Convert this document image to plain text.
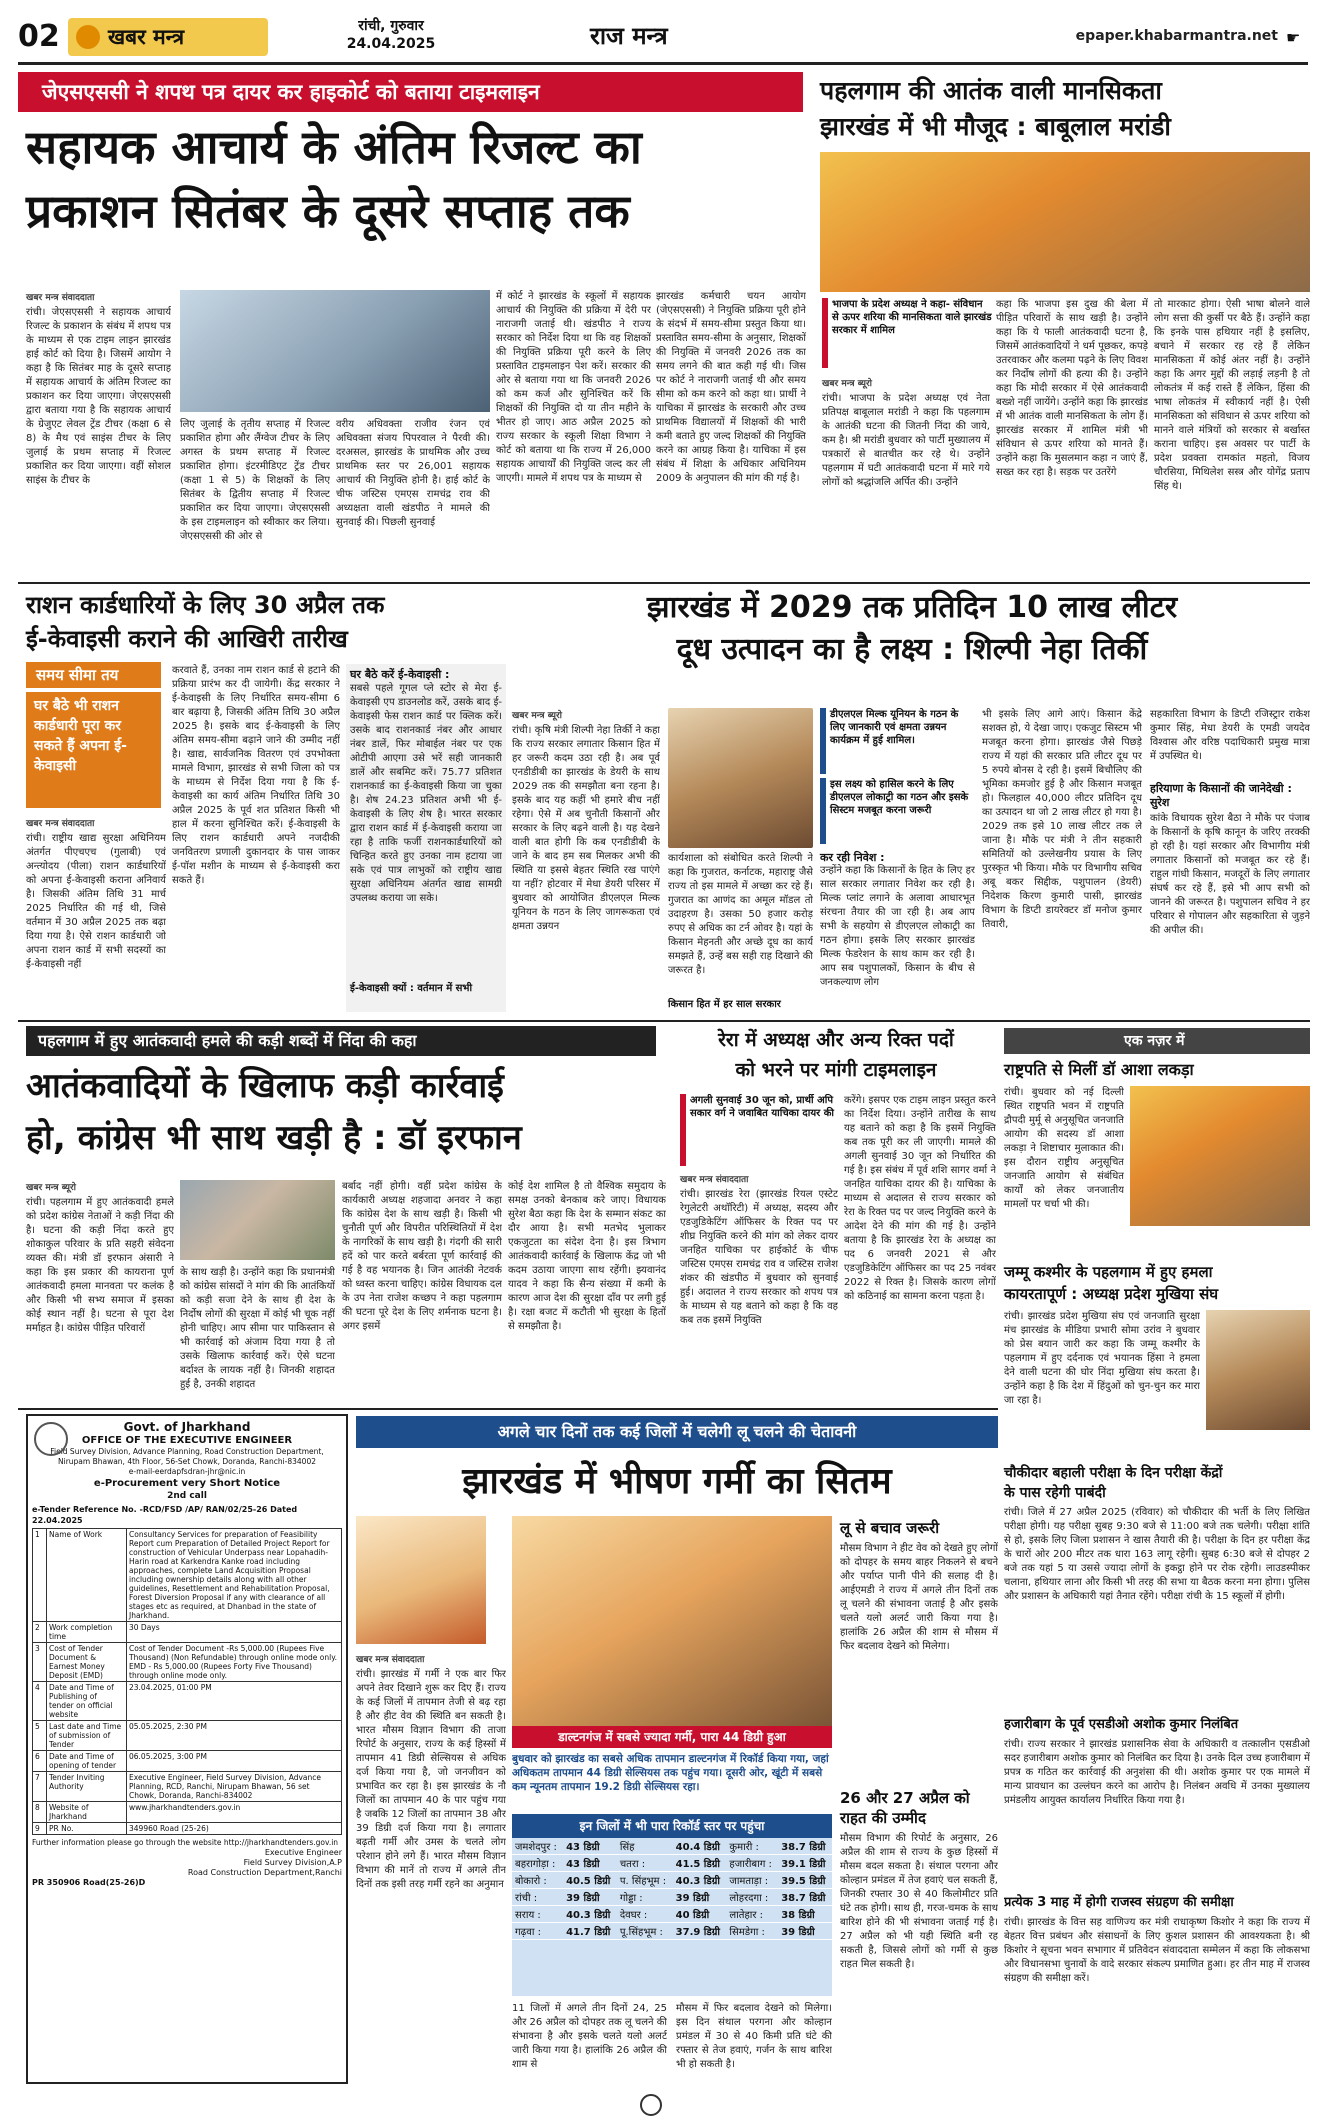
02 खबर मन्त्र	रांची, गुरुवार
24.04.2025	राज मन्त्र	epaper.khabarmantra.net ☛
जेएसएससी ने शपथ पत्र दायर कर हाइकोर्ट को बताया टाइमलाइन
सहायक आचार्य के अंतिम रिजल्ट का
प्रकाशन सितंबर के दूसरे सप्ताह तक
खबर मन्त्र संवाददाता
रांची। जेएसएससी ने सहायक आचार्य रिजल्ट के प्रकाशन के संबंध में शपथ पत्र के माध्यम से एक टाइम लाइन झारखंड हाई कोर्ट को दिया है। जिसमें आयोग ने कहा है कि सितंबर माह के दूसरे सप्ताह में सहायक आचार्य के अंतिम रिजल्ट का प्रकाशन कर दिया जाएगा। जेएसएससी द्वारा बताया गया है कि सहायक आचार्य के ग्रेजुएट लेवल ट्रेंड टीचर (कक्षा 6 से 8) के मैथ एवं साइंस टीचर के लिए जुलाई के प्रथम सप्ताह में रिजल्ट प्रकाशित कर दिया जाएगा। वहीं सोशल साइंस के टीचर के
लिए जुलाई के तृतीय सप्ताह में रिजल्ट प्रकाशित होगा और लैंग्वेज टीचर के लिए अगस्त के प्रथम सप्ताह में रिजल्ट प्रकाशित होगा। इंटरमीडिएट ट्रेंड टीचर (कक्षा 1 से 5) के शिक्षकों के लिए सितंबर के द्वितीय सप्ताह में रिजल्ट प्रकाशित कर दिया जाएगा। जेएसएससी के इस टाइमलाइन को स्वीकार कर लिया। जेएसएससी की ओर से
वरीय अधिवक्ता राजीव रंजन एवं अधिवक्ता संजय पिपरवाल ने पैरवी की। दरअसल, झारखंड के प्राथमिक और उच्च प्राथमिक स्तर पर 26,001 सहायक आचार्य की नियुक्ति होनी है। हाई कोर्ट के चीफ जस्टिस एमएस रामचंद्र राव की अध्यक्षता वाली खंडपीठ ने मामले की सुनवाई की। पिछली सुनवाई
में कोर्ट ने झारखंड के स्कूलों में सहायक आचार्य की नियुक्ति की प्रक्रिया में देरी पर नाराजगी जताई थी। खंडपीठ ने राज्य सरकार को निर्देश दिया था कि वह शिक्षकों की नियुक्ति प्रक्रिया पूरी करने के लिए प्रस्तावित टाइमलाइन पेश करें। सरकार की ओर से बताया गया था कि जनवरी 2026 को कम कर्ज और सुनिश्चित करें कि शिक्षकों की नियुक्ति दो या तीन महीने के भीतर हो जाए। आठ अप्रैल 2025 को राज्य सरकार के स्कूली शिक्षा विभाग ने कोर्ट को बताया था कि राज्य में 26,000 सहायक आचार्यों की नियुक्ति जल्द कर ली जाएगी। मामले में शपथ पत्र के माध्यम से
झारखंड कर्मचारी चयन आयोग (जेएसएससी) ने नियुक्ति प्रक्रिया पूरी होने के संदर्भ में समय-सीमा प्रस्तुत किया था। प्रस्तावित समय-सीमा के अनुसार, शिक्षकों की नियुक्ति में जनवरी 2026 तक का समय लगने की बात कही गई थी। जिस पर कोर्ट ने नाराजगी जताई थी और समय सीमा को कम करने को कहा था। प्रार्थी ने याचिका में झारखंड के सरकारी और उच्च प्राथमिक विद्यालयों में शिक्षकों की भारी कमी बताते हुए जल्द शिक्षकों की नियुक्ति करने का आग्रह किया है। याचिका में इस संबंध में शिक्षा के अधिकार अधिनियम 2009 के अनुपालन की मांग की गई है।
पहलगाम की आतंक वाली मानसिकता
झारखंड में भी मौजूद : बाबूलाल मरांडी
भाजपा के प्रदेश अध्यक्ष ने कहा- संविधान से ऊपर शरिया की मानसिकता वाले झारखंड सरकार में शामिल
खबर मन्त्र ब्यूरो
रांची। भाजपा के प्रदेश अध्यक्ष एवं नेता प्रतिपक्ष बाबूलाल मरांडी ने कहा कि पहलगाम के आतंकी घटना की जितनी निंदा की जाये, कम है। श्री मरांडी बुधवार को पार्टी मुख्यालय में पत्रकारों से बातचीत कर रहे थे। उन्होंने पहलगाम में घटी आतंकवादी घटना में मारे गये लोगों को श्रद्धांजलि अर्पित की। उन्होंने
कहा कि भाजपा इस दुख की बेला में पीड़ित परिवारों के साथ खड़ी है। उन्होंने कहा कि ये फाली आतंकवादी घटना है, जिसमें आतंकवादियों ने धर्म पूछकर, कपड़े उतरवाकर और कलमा पढ़ने के लिए विवश कर निर्दोष लोगों की हत्या की है। उन्होंने कहा कि मोदी सरकार में ऐसे आतंकवादी बख्शे नहीं जायेंगे। उन्होंने कहा कि झारखंड में भी आतंक वाली मानसिकता के लोग हैं। झारखंड सरकार में शामिल मंत्री भी संविधान से ऊपर शरिया को मानते हैं। उन्होंने कहा कि मुसलमान कहा न जाएं हैं, सख्त कर रहा है। सड़क पर उतरेंगे
तो मारकाट होगा। ऐसी भाषा बोलने वाले लोग सत्ता की कुर्सी पर बैठे हैं। उन्होंने कहा कि इनके पास हथियार नहीं है इसलिए, बचाने में सरकार रह रहे हैं लेकिन मानसिकता में कोई अंतर नहीं है। उन्होंने कहा कि अगर मुद्दों की लड़ाई लड़नी है तो लोकतंत्र में कई रास्ते हैं लेकिन, हिंसा की भाषा लोकतंत्र में स्वीकार्य नहीं है। ऐसी मानसिकता को संविधान से ऊपर शरिया को मानने वाले मंत्रियों को सरकार से बर्खास्त कराना चाहिए। इस अवसर पर पार्टी के प्रदेश प्रवक्ता रामकांत महतो, विजय चौरसिया, मिथिलेश सस्त्र और योगेंद्र प्रताप सिंह थे।
राशन कार्डधारियों के लिए 30 अप्रैल तक
ई-केवाइसी कराने की आखिरी तारीख
समय सीमा तय
घर बैठे भी राशन कार्डधारी पूरा कर सकते हैं अपना ई-केवाइसी
खबर मन्त्र संवाददाता
रांची। राष्ट्रीय खाद्य सुरक्षा अधिनियम अंतर्गत पीएचएच (गुलाबी) एवं अन्त्योदय (पीला) राशन कार्डधारियों को अपना ई-केवाइसी कराना अनिवार्य है। जिसकी अंतिम तिथि 31 मार्च 2025 निर्धारित की गई थी, जिसे वर्तमान में 30 अप्रैल 2025 तक बढ़ा दिया गया है। ऐसे राशन कार्डधारी जो अपना राशन कार्ड में सभी सदस्यों का ई-केवाइसी नहीं
करवाते हैं, उनका नाम राशन कार्ड से हटाने की प्रक्रिया प्रारंभ कर दी जायेगी। केंद्र सरकार ने ई-केवाइसी के लिए निर्धारित समय-सीमा 6 बार बढ़ाया है, जिसकी अंतिम तिथि 30 अप्रैल 2025 है। इसके बाद ई-केवाइसी के लिए अंतिम समय-सीमा बढ़ाने जाने की उम्मीद नहीं है। खाद्य, सार्वजनिक वितरण एवं उपभोक्ता मामले विभाग, झारखंड से सभी जिला को पत्र के माध्यम से निर्देश दिया गया है कि ई-केवाइसी का कार्य अंतिम निर्धारित तिथि 30 अप्रैल 2025 के पूर्व शत प्रतिशत किसी भी हाल में करना सुनिश्चित करें। ई-केवाइसी के लिए राशन कार्डधारी अपने नजदीकी जनवितरण प्रणाली दुकानदार के पास जाकर ई-पॉश मशीन के माध्यम से ई-केवाइसी करा सकते हैं।
घर बैठे करें ई-केवाइसी :
सबसे पहले गूगल प्ले स्टोर से मेरा ई-केवाइसी एप डाउनलोड करें, उसके बाद ई-केवाइसी फेस राशन कार्ड पर क्लिक करें। उसके बाद राशनकार्ड नंबर और आधार नंबर डालें, फिर मोबाईल नंबर पर एक ओटीपी आएगा उसे भरें सही जानकारी डालें और सबमिट करें। 75.77 प्रतिशत राशनकार्ड का ई-केवाइसी किया जा चुका है। शेष 24.23 प्रतिशत अभी भी ई-केवाइसी के लिए शेष है। भारत सरकार द्वारा राशन कार्ड में ई-केवाइसी कराया जा रहा है ताकि फर्जी राशनकार्डधारियों को चिन्हित करते हुए उनका नाम हटाया जा सके एवं पात्र लाभुकों को राष्ट्रीय खाद्य सुरक्षा अधिनियम अंतर्गत खाद्य सामग्री उपलब्ध कराया जा सके।
ई-केवाइसी क्यों : वर्तमान में सभी
झारखंड में 2029 तक प्रतिदिन 10 लाख लीटर
दूध उत्पादन का है लक्ष्य : शिल्पी नेहा तिर्की
खबर मन्त्र ब्यूरो
रांची। कृषि मंत्री शिल्पी नेहा तिर्की ने कहा कि राज्य सरकार लगातार किसान हित में हर जरूरी कदम उठा रही है। अब पूर्व एनडीडीबी का झारखंड के डेयरी के साथ 2029 तक की समझौता बना रहना है। इसके बाद यह कहीं भी हमारे बीच नहीं रहेगा। ऐसे में अब चुनौती किसानों और सरकार के लिए बढ़ने वाली है। यह देखने वाली बात होगी कि कब एनडीडीबी के जाने के बाद हम सब मिलकर अभी की स्थिति या इससे बेहतर स्थिति रख पाएंगे या नहीं? होटवार में मेधा डेयरी परिसर में बुधवार को आयोजित डीएलएल मिल्क यूनियन के गठन के लिए जागरूकता एवं क्षमता उन्नयन
कार्यशाला को संबोधित करते शिल्पी ने कहा कि गुजरात, कर्नाटक, महाराष्ट्र जैसे राज्य तो इस मामले में अच्छा कर रहे हैं। गुजरात का आणंद का अमूल मॉडल तो उदाहरण है। उसका 50 हजार करोड़ रुपए से अधिक का टर्न ओवर है। यहां के किसान मेहनती और अच्छे दूध का कार्य समझते हैं, उन्हें बस सही राह दिखाने की जरूरत है।
किसान हित में हर साल सरकार
डीएलएल मिल्क यूनियन के गठन के लिए जानकारी एवं क्षमता उन्नयन कार्यक्रम में हुई शामिल।
इस लक्ष्य को हासिल करने के लिए डीएलएल लोकाट्री का गठन और इसके सिस्टम मजबूत करना जरूरी
कर रही निवेश :
उन्होंने कहा कि किसानों के हित के लिए हर साल सरकार लगातार निवेश कर रही है। मिल्क प्लांट लगाने के अलावा आधारभूत संरचना तैयार की जा रही है। अब आप सभी के सहयोग से डीएलएल लोकाट्री का गठन होगा। इसके लिए सरकार झारखंड मिल्क फेडरेशन के साथ काम कर रही है। आप सब पशुपालकों, किसान के बीच से जनकल्याण लोग
भी इसके लिए आगे आएं। किसान केंद्रे सशक्त हो, ये देखा जाए। एकजुट सिस्टम भी मजबूत करना होगा। झारखंड जैसे पिछड़े राज्य में यहां की सरकार प्रति लीटर दूध पर 5 रुपये बोनस दे रही है। इसमें बिचौलिए की भूमिका कमजोर हुई है और किसान मजबूत हो। फिलहाल 40,000 लीटर प्रतिदिन दूध का उत्पादन था जो 2 लाख लीटर हो गया है। 2029 तक इसे 10 लाख लीटर तक ले जाना है। मौके पर मंत्री ने तीन सहकारी समितियों को उल्लेखनीय प्रयास के लिए पुरस्कृत भी किया। मौके पर विभागीय सचिव अबू बकर सिद्दीक, पशुपालन (डेयरी) निदेशक किरण कुमारी पासी, झारखंड विभाग के डिप्टी डायरेक्टर डॉ मनोज कुमार तिवारी,
सहकारिता विभाग के डिप्टी रजिस्ट्रार राकेश कुमार सिंह, मेधा डेयरी के एमडी जयदेव विश्वास और वरिष्ठ पदाधिकारी प्रमुख मात्रा में उपस्थित थे।
हरियाणा के किसानों की जानेदेखी : सुरेश
कांके विधायक सुरेश बैठा ने मौके पर पंजाब के किसानों के कृषि कानून के जरिए तरक्की हो रही है। यहां सरकार और विभागीय मंत्री लगातार किसानों को मजबूत कर रहे हैं। राहुल गांधी किसान, मजदूरों के लिए लगातार संघर्ष कर रहे हैं, इसे भी आप सभी को जानने की जरूरत है। पशुपालन सचिव ने हर परिवार से गोपालन और सहकारिता से जुड़ने की अपील की।
पहलगाम में हुए आतंकवादी हमले की कड़ी शब्दों में निंदा की कहा
आतंकवादियों के खिलाफ कड़ी कार्रवाई
हो, कांग्रेस भी साथ खड़ी है : डॉ इरफान
खबर मन्त्र ब्यूरो
रांची। पहलगाम में हुए आतंकवादी हमले को प्रदेश कांग्रेस नेताओं ने कड़ी निंदा की है। घटना की कड़ी निंदा करते हुए शोकाकुल परिवार के प्रति सहरी संवेदना व्यक्त की। मंत्री डॉ इरफान अंसारी ने कहा कि इस प्रकार की कायराना पूर्ण आतंकवादी हमला मानवता पर कलंक है और किसी भी सभ्य समाज में इसका कोई स्थान नहीं है। घटना से पूरा देश मर्माहत है। कांग्रेस पीड़ित परिवारों
के साथ खड़ी है। उन्होंने कहा कि प्रधानमंत्री को कांग्रेस सांसदों ने मांग की कि आतंकियों को कड़ी सजा देने के साथ ही देश के निर्दोष लोगों की सुरक्षा में कोई भी चूक नहीं होनी चाहिए। आप सीमा पार पाकिस्तान से भी कार्रवाई को अंजाम दिया गया है तो उसके खिलाफ कार्रवाई करें। ऐसे घटना बर्दाश्त के लायक नहीं है। जिनकी शहादत हुई है, उनकी शहादत
बर्बाद नहीं होगी। वहीं प्रदेश कांग्रेस के कार्यकारी अध्यक्ष शहजादा अनवर ने कहा कि कांग्रेस देश के साथ खड़ी है। किसी भी चुनौती पूर्ण और विपरीत परिस्थितियों में देश के नागरिकों के साथ खड़ी है। गंदगी की सारी हदें को पार करते बर्बरता पूर्ण कार्रवाई की गई है वह भयानक है। जिन आतंकी नेटवर्क को ध्वस्त करना चाहिए। कांग्रेस विधायक दल के उप नेता राजेश कच्छप ने कहा पहलगाम की घटना पूरे देश के लिए शर्मनाक घटना है। अगर इसमें
कोई देश शामिल है तो वैश्विक समुदाय के समक्ष उनको बेनकाब करे जाए। विधायक सुरेश बैठा कहा कि देश के सम्मान संकट का दौर आया है। सभी मतभेद भुलाकर एकजुटता का संदेश देना है। इस त्रिभाग आतंकवादी कार्रवाई के खिलाफ केंद्र जो भी कदम उठाया जाएगा साथ रहेंगी। झ्यवानंद यादव ने कहा कि सैन्य संख्या में कमी के कारण आज देश की सुरक्षा दाँव पर लगी हुई है। रक्षा बजट में कटौती भी सुरक्षा के हितों से समझौता है।
रेरा में अध्यक्ष और अन्य रिक्त पदों
को भरने पर मांगी टाइमलाइन
अगली सुनवाई 30 जून को, प्रार्थी अपि सकार वर्ग ने जवाबित याचिका दायर की
खबर मन्त्र संवाददाता
रांची। झारखंड रेरा (झारखंड रियल एस्टेट रेगुलेटरी अथॉरिटी) में अध्यक्ष, सदस्य और एडजुडिकेटिंग ऑफिसर के रिक्त पद पर शीघ्र नियुक्ति करने की मांग को लेकर दायर जनहित याचिका पर हाईकोर्ट के चीफ जस्टिस एमएस रामचंद्र राव व जस्टिस राजेश शंकर की खंडपीठ में बुधवार को सुनवाई हुई। अदालत ने राज्य सरकार को शपथ पत्र के माध्यम से यह बताने को कहा है कि वह कब तक इसमें नियुक्ति
करेंगे। इसपर एक टाइम लाइन प्रस्तुत करने का निर्देश दिया। उन्होंने तारीख के साथ यह बताने को कहा है कि इसमें नियुक्ति कब तक पूरी कर ली जाएगी। मामले की अगली सुनवाई 30 जून को निर्धारित की गई है। इस संबंध में पूर्व शशि सागर वर्मा ने जनहित याचिका दायर की है। याचिका के माध्यम से अदालत से राज्य सरकार को रेरा के रिक्त पद पर जल्द नियुक्ति करने के आदेश देने की मांग की गई है। उन्होंने बताया है कि झारखंड रेरा के अध्यक्ष का पद 6 जनवरी 2021 से और एडजुडिकेटिंग ऑफिसर का पद 25 नवंबर 2022 से रिक्त है। जिसके कारण लोगों को कठिनाई का सामना करना पड़ता है।
एक नज़र में
राष्ट्रपति से मिलीं डॉ आशा लकड़ा
रांची। बुधवार को नई दिल्ली स्थित राष्ट्रपति भवन में राष्ट्रपति द्रौपदी मुर्मू से अनुसूचित जनजाति आयोग की सदस्य डॉ आशा लकड़ा ने शिष्टाचार मुलाकात की। इस दौरान राष्ट्रीय अनुसूचित जनजाति आयोग से संबंधित कार्यों को लेकर जनजातीय मामलों पर चर्चा भी की।
जम्मू कश्मीर के पहलगाम में हुए हमला
कायरतापूर्ण : अध्यक्ष प्रदेश मुखिया संघ
रांची। झारखंड प्रदेश मुखिया संघ एवं जनजाति सुरक्षा मंच झारखंड के मीडिया प्रभारी सोमा उरांव ने बुधवार को प्रेस बयान जारी कर कहा कि जम्मू कश्मीर के पहलगाम में हुए दर्दनाक एवं भयानक हिंसा ने हमला देने वाली घटना की घोर निंदा मुखिया संघ करता है। उन्होंने कहा है कि देश में हिंदुओं को चुन-चुन कर मारा जा रहा है।
चौकीदार बहाली परीक्षा के दिन परीक्षा केंद्रों
के पास रहेगी पाबंदी
रांची। जिले में 27 अप्रैल 2025 (रविवार) को चौकीदार की भर्ती के लिए लिखित परीक्षा होगी। यह परीक्षा सुबह 9:30 बजे से 11:00 बजे तक चलेगी। परीक्षा शांति से हो, इसके लिए जिला प्रशासन ने खास तैयारी की है। परीक्षा के दिन हर परीक्षा केंद्र के चारों ओर 200 मीटर तक धारा 163 लागू रहेगी। सुबह 6:30 बजे से दोपहर 2 बजे तक यहां 5 या उससे ज्यादा लोगों के इकट्ठा होने पर रोक रहेगी। लाउडस्पीकर चलाना, हथियार लाना और किसी भी तरह की सभा या बैठक करना मना होगा। पुलिस और प्रशासन के अधिकारी यहां तैनात रहेंगे। परीक्षा रांची के 15 स्कूलों में होगी।
हजारीबाग के पूर्व एसडीओ अशोक कुमार निलंबित
रांची। राज्य सरकार ने झारखंड प्रशासनिक सेवा के अधिकारी व तत्कालीन एसडीओ सदर हजारीबाग अशोक कुमार को निलंबित कर दिया है। उनके दिल उच्च हजारीबाग में प्रपत्र क गठित कर कार्रवाई की अनुशंसा की थी। अशोक कुमार पर एक मामले में मान्य प्रावधान का उल्लंघन करने का आरोप है। निलंबन अवधि में उनका मुख्यालय प्रमंडलीय आयुक्त कार्यालय निर्धारित किया गया है।
प्रत्येक 3 माह में होगी राजस्व संग्रहण की समीक्षा
रांची। झारखंड के वित्त सह वाणिज्य कर मंत्री राधाकृष्ण किशोर ने कहा कि राज्य में बेहतर वित्त प्रबंधन और संसाधनों के लिए कुशल प्रशासन की आवश्यकता है। श्री किशोर ने सूचना भवन सभागार में प्रतिवेदन संवाददाता सम्मेलन में कहा कि लोकसभा और विधानसभा चुनावों के वादे सरकार संकल्प प्रमाणित हुआ। हर तीन माह में राजस्व संग्रहण की समीक्षा करें।
Govt. of Jharkhand
OFFICE OF THE EXECUTIVE ENGINEER
Field Survey Division, Advance Planning, Road Construction Department,
Nirupam Bhawan, 4th Floor, 56-Set Chowk, Doranda, Ranchi-834002
e-mail-eerdapfsdran-jhr@nic.in
e-Procurement very Short Notice
2nd call
e-Tender Reference No. -RCD/FSD /AP/ RAN/02/25-26 Dated 22.04.2025
1	Name of Work	Consultancy Services for preparation of Feasibility Report cum Preparation of Detailed Project Report for construction of Vehicular Underpass near Lopahadih-Harin road at Karkendra Kanke road including approaches, complete Land Acquisition Proposal including ownership details along with all other guidelines, Resettlement and Rehabilitation Proposal, Forest Diversion Proposal if any with clearance of all stages etc as required, at Dhanbad in the state of Jharkhand.
2	Work completion time	30 Days
3	Cost of Tender Document & Earnest Money Deposit (EMD)	Cost of Tender Document -Rs 5,000.00 (Rupees Five Thousand) (Non Refundable) through online mode only. EMD - Rs 5,000.00 (Rupees Forty Five Thousand) through online mode only.
4	Date and Time of Publishing of tender on official website	23.04.2025, 01:00 PM
5	Last date and Time of submission of Tender	05.05.2025, 2:30 PM
6	Date and Time of opening of tender	06.05.2025, 3:00 PM
7	Tender Inviting Authority	Executive Engineer, Field Survey Division, Advance Planning, RCD, Ranchi, Nirupam Bhawan, 56 set Chowk, Doranda, Ranchi-834002
8	Website of Jharkhand	www.jharkhandtenders.gov.in
9	PR No.	349960 Road (25-26)
Further information please go through the website http://jharkhandtenders.gov.in
Executive Engineer
Field Survey Division,A.P
Road Construction Department,Ranchi
PR 350906 Road(25-26)D
अगले चार दिनों तक कई जिलों में चलेगी लू चलने की चेतावनी
झारखंड में भीषण गर्मी का सितम
खबर मन्त्र संवाददाता
रांची। झारखंड में गर्मी ने एक बार फिर अपने तेवर दिखाने शुरू कर दिए हैं। राज्य के कई जिलों में तापमान तेजी से बढ़ रहा है और हीट वेव की स्थिति बन सकती है। भारत मौसम विज्ञान विभाग की ताजा रिपोर्ट के अनुसार, राज्य के कई हिस्सों में तापमान 41 डिग्री सेल्सियस से अधिक दर्ज किया गया है, जो जनजीवन को प्रभावित कर रहा है। इस झारखंड के नौ जिलों का तापमान 40 के पार पहुंच गया है जबकि 12 जिलों का तापमान 38 और 39 डिग्री दर्ज किया गया है। लगातार बढ़ती गर्मी और उमस के चलते लोग परेशान होने लगे हैं। भारत मौसम विज्ञान विभाग की मानें तो राज्य में अगले तीन दिनों तक इसी तरह गर्मी रहने का अनुमान
डाल्टनगंज में सबसे ज्यादा गर्मी, पारा 44 डिग्री हुआ
बुधवार को झारखंड का सबसे अधिक तापमान डाल्टनगंज में रिकॉर्ड किया गया, जहां अधिकतम तापमान 44 डिग्री सेल्सियस तक पहुंच गया। दूसरी ओर, खूंटी में सबसे कम न्यूनतम तापमान 19.2 डिग्री सेल्सियस रहा।
इन जिलों में भी पारा रिकॉर्ड स्तर पर पहुंचा
जमशेदपुर :	43 डिग्री	सिंह	40.4 डिग्री	कुमारी :	38.7 डिग्री
बहरागोड़ा :	43 डिग्री	चतरा :	41.5 डिग्री	हजारीबाग :	39.1 डिग्री
बोकारो :	40.5 डिग्री	प. सिंहभूम :	40.3 डिग्री	जामताड़ा :	39.5 डिग्री
रांची :	39 डिग्री	गोड्डा :	39 डिग्री	लोहरदगा :	38.7 डिग्री
सराय :	40.3 डिग्री	देवघर :	40 डिग्री	लातेहार :	38 डिग्री
गढ़वा :	41.7 डिग्री	पू.सिंहभूम :	37.9 डिग्री	सिमडेगा :	39 डिग्री
11 जिलों में अगले तीन दिनों 24, 25 और 26 अप्रैल को दोपहर तक लू चलने की संभावना है और इसके चलते यलो अलर्ट जारी किया गया है। हालांकि 26 अप्रैल की शाम से
मौसम में फिर बदलाव देखने को मिलेगा। इस दिन संथाल परगना और कोल्हान प्रमंडल में 30 से 40 किमी प्रति घंटे की रफ्तार से तेज हवाएं, गर्जन के साथ बारिश भी हो सकती है।
लू से बचाव जरूरी
मौसम विभाग ने हीट वेव को देखते हुए लोगों को दोपहर के समय बाहर निकलने से बचने और पर्याप्त पानी पीने की सलाह दी है। आईएमडी ने राज्य में अगले तीन दिनों तक लू चलने की संभावना जताई है और इसके चलते यलो अलर्ट जारी किया गया है। हालांकि 26 अप्रैल की शाम से मौसम में फिर बदलाव देखने को मिलेगा।
26 और 27 अप्रैल को राहत की उम्मीद
मौसम विभाग की रिपोर्ट के अनुसार, 26 अप्रैल की शाम से राज्य के कुछ हिस्सों में मौसम बदल सकता है। संथाल परगना और कोल्हान प्रमंडल में तेज हवाएं चल सकती हैं, जिनकी रफ्तार 30 से 40 किलोमीटर प्रति घंटे तक होगी। साथ ही, गरज-चमक के साथ बारिश होने की भी संभावना जताई गई है। 27 अप्रैल को भी यही स्थिति बनी रह सकती है, जिससे लोगों को गर्मी से कुछ राहत मिल सकती है।
